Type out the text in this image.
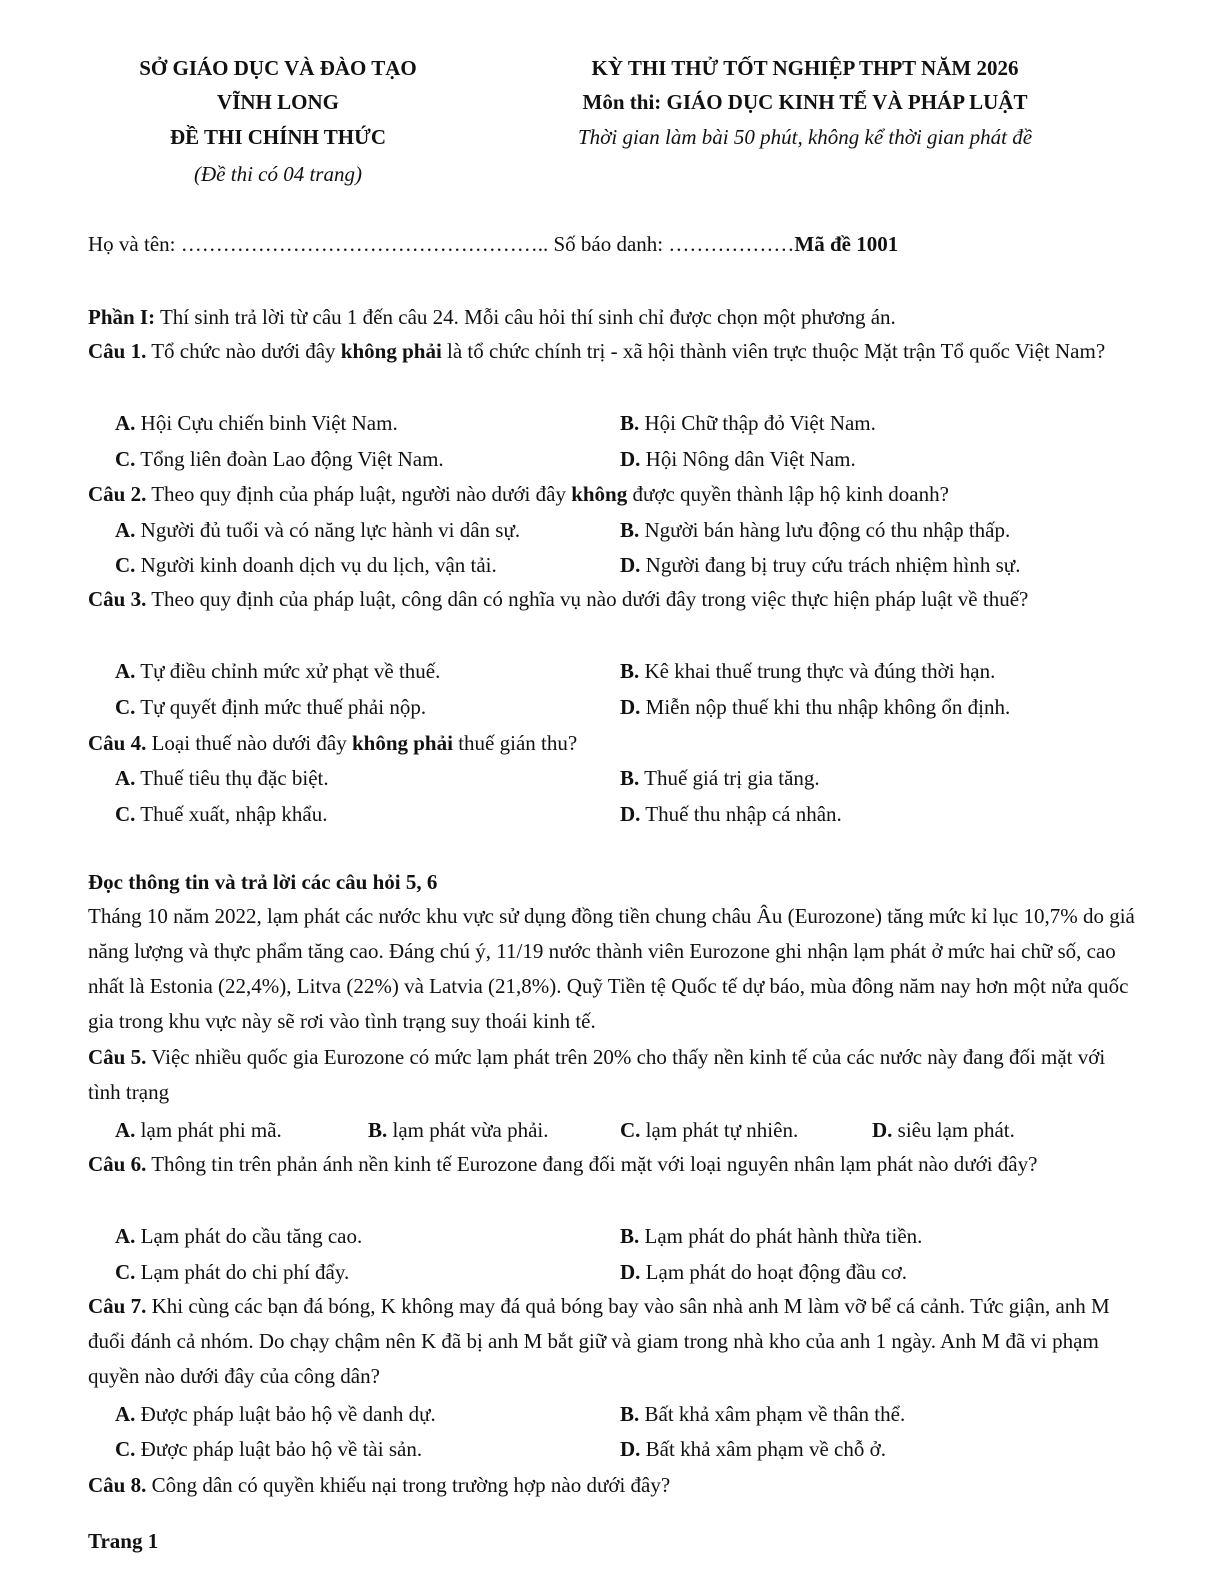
SỞ GIÁO DỤC VÀ ĐÀO TẠO
VĨNH LONG
ĐỀ THI CHÍNH THỨC
(Đề thi có 04 trang)
KỲ THI THỬ TỐT NGHIỆP THPT NĂM 2026
Môn thi: GIÁO DỤC KINH TẾ VÀ PHÁP LUẬT
Thời gian làm bài 50 phút, không kể thời gian phát đề
Họ và tên: …………………………………………….. Số báo danh: ………………Mã đề 1001
Phần I: Thí sinh trả lời từ câu 1 đến câu 24. Mỗi câu hỏi thí sinh chỉ được chọn một phương án.
Câu 1. Tổ chức nào dưới đây không phải là tổ chức chính trị - xã hội thành viên trực thuộc Mặt trận Tổ quốc Việt Nam?
A. Hội Cựu chiến binh Việt Nam.	B. Hội Chữ thập đỏ Việt Nam.
C. Tổng liên đoàn Lao động Việt Nam.	D. Hội Nông dân Việt Nam.
Câu 2. Theo quy định của pháp luật, người nào dưới đây không được quyền thành lập hộ kinh doanh?
A. Người đủ tuổi và có năng lực hành vi dân sự.	B. Người bán hàng lưu động có thu nhập thấp.
C. Người kinh doanh dịch vụ du lịch, vận tải.	D. Người đang bị truy cứu trách nhiệm hình sự.
Câu 3. Theo quy định của pháp luật, công dân có nghĩa vụ nào dưới đây trong việc thực hiện pháp luật về thuế?
A. Tự điều chỉnh mức xử phạt về thuế.	B. Kê khai thuế trung thực và đúng thời hạn.
C. Tự quyết định mức thuế phải nộp.	D. Miễn nộp thuế khi thu nhập không ổn định.
Câu 4. Loại thuế nào dưới đây không phải thuế gián thu?
A. Thuế tiêu thụ đặc biệt.	B. Thuế giá trị gia tăng.
C. Thuế xuất, nhập khẩu.	D. Thuế thu nhập cá nhân.
Đọc thông tin và trả lời các câu hỏi 5, 6
Tháng 10 năm 2022, lạm phát các nước khu vực sử dụng đồng tiền chung châu Âu (Eurozone) tăng mức kỉ lục 10,7% do giá năng lượng và thực phẩm tăng cao. Đáng chú ý, 11/19 nước thành viên Eurozone ghi nhận lạm phát ở mức hai chữ số, cao nhất là Estonia (22,4%), Litva (22%) và Latvia (21,8%). Quỹ Tiền tệ Quốc tế dự báo, mùa đông năm nay hơn một nửa quốc gia trong khu vực này sẽ rơi vào tình trạng suy thoái kinh tế.
Câu 5. Việc nhiều quốc gia Eurozone có mức lạm phát trên 20% cho thấy nền kinh tế của các nước này đang đối mặt với tình trạng
A. lạm phát phi mã.	B. lạm phát vừa phải.	C. lạm phát tự nhiên.	D. siêu lạm phát.
Câu 6. Thông tin trên phản ánh nền kinh tế Eurozone đang đối mặt với loại nguyên nhân lạm phát nào dưới đây?
A. Lạm phát do cầu tăng cao.	B. Lạm phát do phát hành thừa tiền.
C. Lạm phát do chi phí đẩy.	D. Lạm phát do hoạt động đầu cơ.
Câu 7. Khi cùng các bạn đá bóng, K không may đá quả bóng bay vào sân nhà anh M làm vỡ bể cá cảnh. Tức giận, anh M đuổi đánh cả nhóm. Do chạy chậm nên K đã bị anh M bắt giữ và giam trong nhà kho của anh 1 ngày. Anh M đã vi phạm quyền nào dưới đây của công dân?
A. Được pháp luật bảo hộ về danh dự.	B. Bất khả xâm phạm về thân thể.
C. Được pháp luật bảo hộ về tài sản.	D. Bất khả xâm phạm về chỗ ở.
Câu 8. Công dân có quyền khiếu nại trong trường hợp nào dưới đây?
Trang 1
